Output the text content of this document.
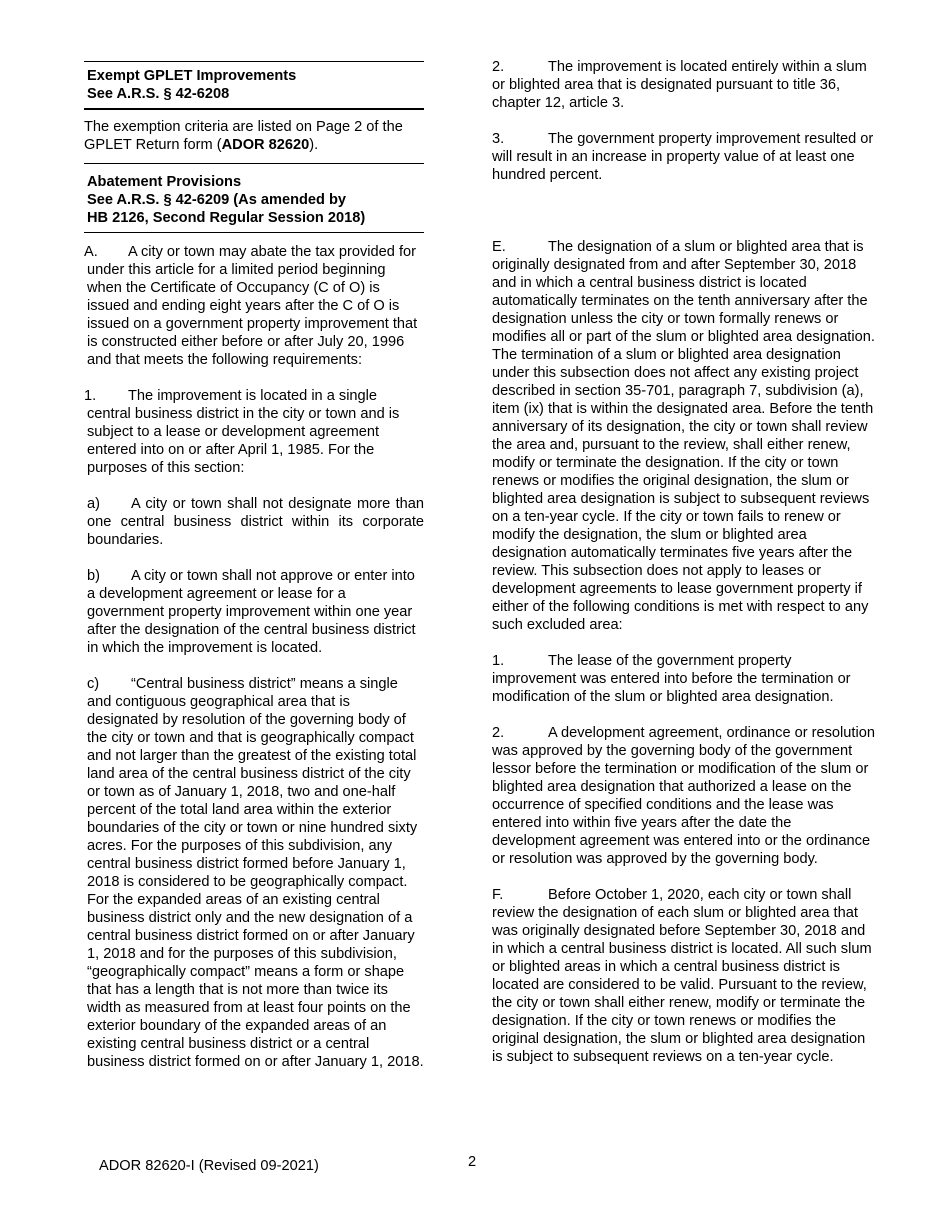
Exempt GPLET Improvements
See A.R.S. § 42-6208
The exemption criteria are listed on Page 2 of the GPLET Return form (ADOR 82620).
Abatement Provisions
See A.R.S. § 42-6209 (As amended by
HB 2126, Second Regular Session 2018)

A. A city or town may abate the tax provided for under this article for a limited period beginning when the Certificate of Occupancy (C of O) is issued and ending eight years after the C of O is issued on a government property improvement that is constructed either before or after July 20, 1996 and that meets the following requirements:

1. The improvement is located in a single central business district in the city or town and is subject to a lease or development agreement entered into on or after April 1, 1985. For the purposes of this section:

a) A city or town shall not designate more than one central business district within its corporate boundaries.

b) A city or town shall not approve or enter into a development agreement or lease for a government property improvement within one year after the designation of the central business district in which the improvement is located.

c) “Central business district” means a single and contiguous geographical area that is designated by resolution of the governing body of the city or town and that is geographically compact and not larger than the greatest of the existing total land area of the central business district of the city or town as of January 1, 2018, two and one-half percent of the total land area within the exterior boundaries of the city or town or nine hundred sixty acres. For the purposes of this subdivision, any central business district formed before January 1, 2018 is considered to be geographically compact. For the expanded areas of an existing central business district only and the new designation of a central business district formed on or after January 1, 2018 and for the purposes of this subdivision, “geographically compact” means a form or shape that has a length that is not more than twice its width as measured from at least four points on the exterior boundary of the expanded areas of an existing central business district or a central business district formed on or after January 1, 2018.

2.	The improvement is located entirely within a slum or blighted area that is designated pursuant to title 36, chapter 12, article 3.

3.	The government property improvement resulted or will result in an increase in property value of at least one hundred percent.

E.	The designation of a slum or blighted area that is originally designated from and after September 30, 2018 and in which a central business district is located automatically terminates on the tenth anniversary after the designation unless the city or town formally renews or modifies all or part of the slum or blighted area designation. The termination of a slum or blighted area designation under this subsection does not affect any existing project described in section 35-701, paragraph 7, subdivision (a), item (ix) that is within the designated area. Before the tenth anniversary of its designation, the city or town shall review the area and, pursuant to the review, shall either renew, modify or terminate the designation. If the city or town renews or modifies the original designation, the slum or blighted area designation is subject to subsequent reviews on a ten-year cycle. If the city or town fails to renew or modify the designation, the slum or blighted area designation automatically terminates five years after the review. This subsection does not apply to leases or development agreements to lease government property if either of the following conditions is met with respect to any such excluded area:

1.	The lease of the government property improvement was entered into before the termination or modification of the slum or blighted area designation.

2.	A development agreement, ordinance or resolution was approved by the governing body of the government lessor before the termination or modification of the slum or blighted area designation that authorized a lease on the occurrence of specified conditions and the lease was entered into within five years after the date the development agreement was entered into or the ordinance or resolution was approved by the governing body.

F.	Before October 1, 2020, each city or town shall review the designation of each slum or blighted area that was originally designated before September 30, 2018 and in which a central business district is located. All such slum or blighted areas in which a central business district is located are considered to be valid. Pursuant to the review, the city or town shall either renew, modify or terminate the designation. If the city or town renews or modifies the original designation, the slum or blighted area designation is subject to subsequent reviews on a ten-year cycle.

ADOR 82620-I (Revised 09-2021)	2
